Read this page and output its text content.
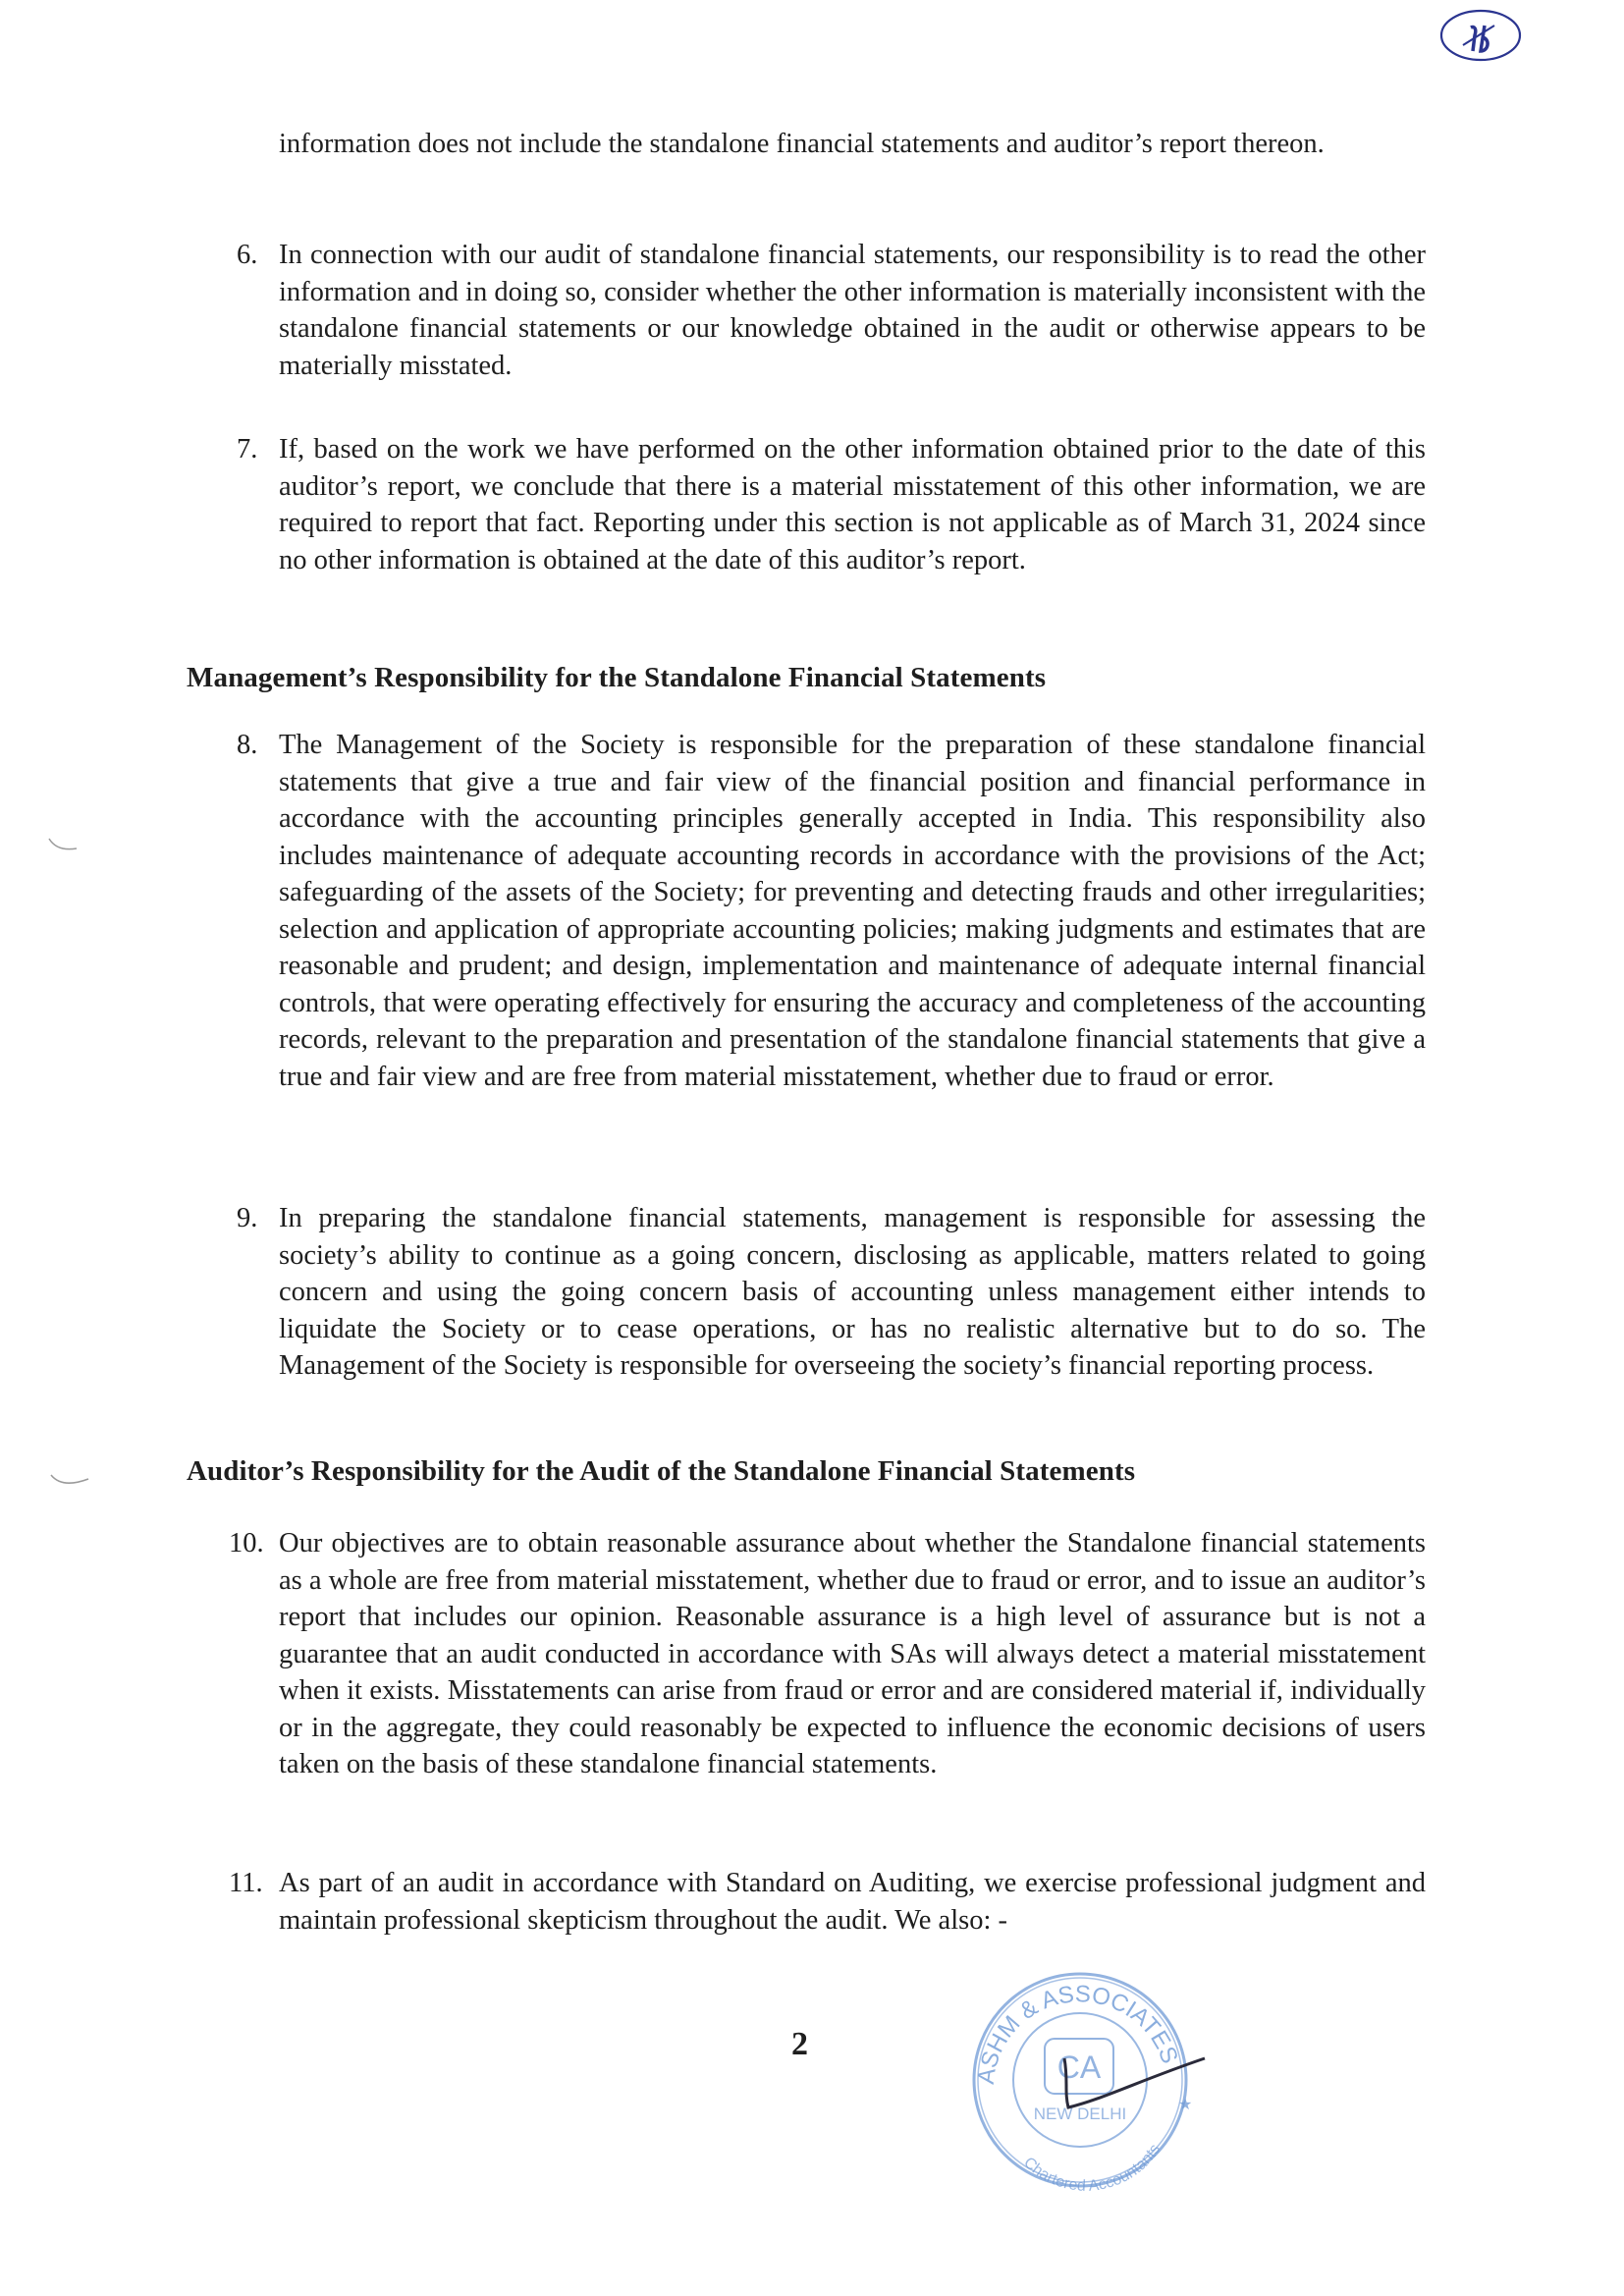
information does not include the standalone financial statements and auditor’s report thereon.
6. In connection with our audit of standalone financial statements, our responsibility is to read the other information and in doing so, consider whether the other information is materially inconsistent with the standalone financial statements or our knowledge obtained in the audit or otherwise appears to be materially misstated.
7. If, based on the work we have performed on the other information obtained prior to the date of this auditor’s report, we conclude that there is a material misstatement of this other information, we are required to report that fact. Reporting under this section is not applicable as of March 31, 2024 since no other information is obtained at the date of this auditor’s report.
Management’s Responsibility for the Standalone Financial Statements
8. The Management of the Society is responsible for the preparation of these standalone financial statements that give a true and fair view of the financial position and financial performance in accordance with the accounting principles generally accepted in India. This responsibility also includes maintenance of adequate accounting records in accordance with the provisions of the Act; safeguarding of the assets of the Society; for preventing and detecting frauds and other irregularities; selection and application of appropriate accounting policies; making judgments and estimates that are reasonable and prudent; and design, implementation and maintenance of adequate internal financial controls, that were operating effectively for ensuring the accuracy and completeness of the accounting records, relevant to the preparation and presentation of the standalone financial statements that give a true and fair view and are free from material misstatement, whether due to fraud or error.
9. In preparing the standalone financial statements, management is responsible for assessing the society’s ability to continue as a going concern, disclosing as applicable, matters related to going concern and using the going concern basis of accounting unless management either intends to liquidate the Society or to cease operations, or has no realistic alternative but to do so. The Management of the Society is responsible for overseeing the society’s financial reporting process.
Auditor’s Responsibility for the Audit of the Standalone Financial Statements
10. Our objectives are to obtain reasonable assurance about whether the Standalone financial statements as a whole are free from material misstatement, whether due to fraud or error, and to issue an auditor’s report that includes our opinion. Reasonable assurance is a high level of assurance but is not a guarantee that an audit conducted in accordance with SAs will always detect a material misstatement when it exists. Misstatements can arise from fraud or error and are considered material if, individually or in the aggregate, they could reasonably be expected to influence the economic decisions of users taken on the basis of these standalone financial statements.
11. As part of an audit in accordance with Standard on Auditing, we exercise professional judgment and maintain professional skepticism throughout the audit. We also: -
2
ASHM & ASSOCIATES
Chartered Accountants
CA
NEW DELHI
★
